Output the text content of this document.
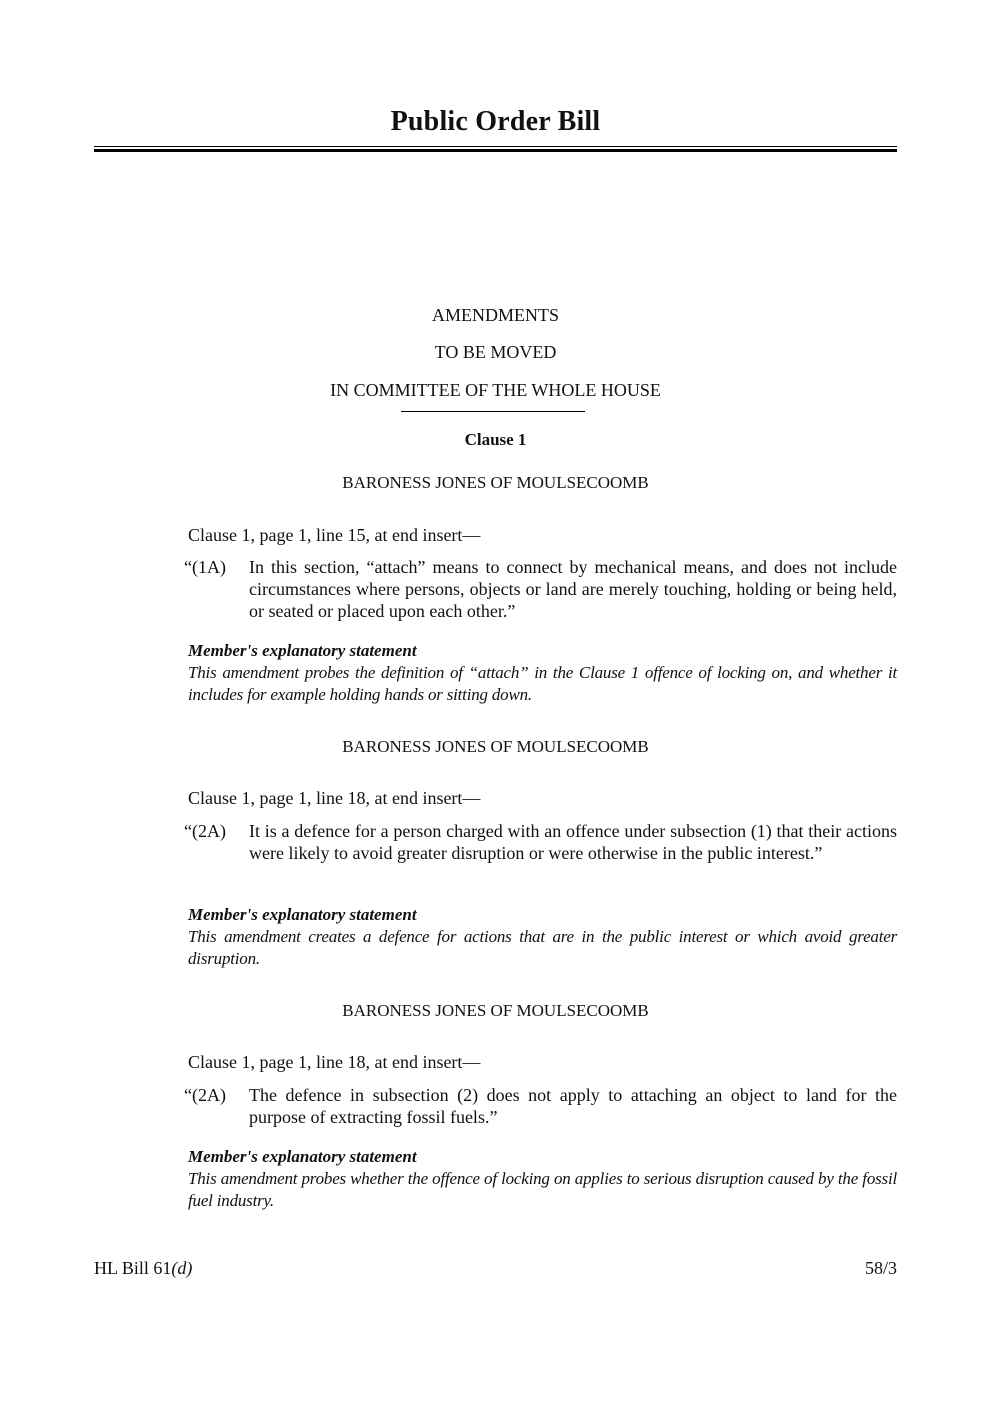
Public Order Bill
AMENDMENTS
TO BE MOVED
IN COMMITTEE OF THE WHOLE HOUSE
Clause 1
BARONESS JONES OF MOULSECOOMB
Clause 1, page 1, line 15, at end insert—
“(1A) In this section, “attach” means to connect by mechanical means, and does not include circumstances where persons, objects or land are merely touching, holding or being held, or seated or placed upon each other.”
Member's explanatory statement
This amendment probes the definition of “attach” in the Clause 1 offence of locking on, and whether it includes for example holding hands or sitting down.
BARONESS JONES OF MOULSECOOMB
Clause 1, page 1, line 18, at end insert—
“(2A) It is a defence for a person charged with an offence under subsection (1) that their actions were likely to avoid greater disruption or were otherwise in the public interest.”
Member's explanatory statement
This amendment creates a defence for actions that are in the public interest or which avoid greater disruption.
BARONESS JONES OF MOULSECOOMB
Clause 1, page 1, line 18, at end insert—
“(2A) The defence in subsection (2) does not apply to attaching an object to land for the purpose of extracting fossil fuels.”
Member's explanatory statement
This amendment probes whether the offence of locking on applies to serious disruption caused by the fossil fuel industry.
HL Bill 61(d)	58/3
